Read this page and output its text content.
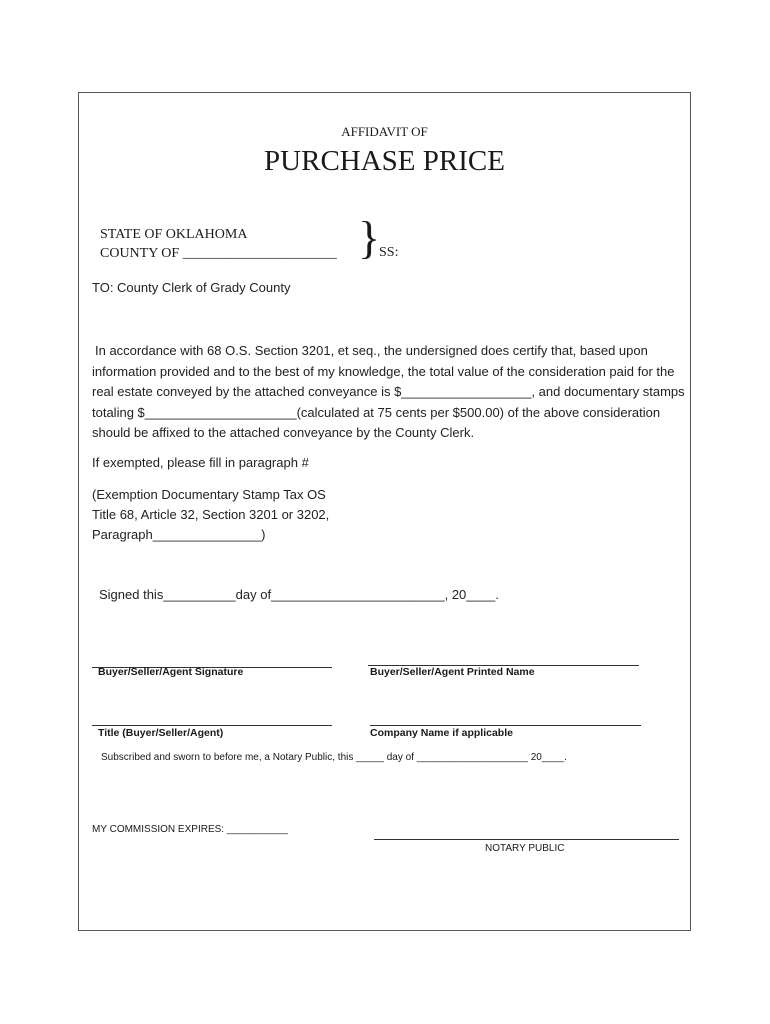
AFFIDAVIT OF
PURCHASE PRICE
STATE OF OKLAHOMA
COUNTY OF ______________________ }
SS:
TO: County Clerk of Grady County
In accordance with 68 O.S. Section 3201, et seq., the undersigned does certify that, based upon information provided and to the best of my knowledge, the total value of the consideration paid for the real estate conveyed by the attached conveyance is $__________________, and documentary stamps totaling $_____________________(calculated at 75 cents per $500.00) of the above consideration should be affixed to the attached conveyance by the County Clerk.
If exempted, please fill in paragraph #
(Exemption Documentary Stamp Tax OS
Title 68, Article 32, Section 3201 or 3202,
Paragraph_______________)
Signed this__________day of________________________, 20____.
Buyer/Seller/Agent Signature	Buyer/Seller/Agent Printed Name
Title (Buyer/Seller/Agent)	Company Name if applicable
Subscribed and sworn to before me, a Notary Public, this _____ day of ____________________ 20____.
MY COMMISSION EXPIRES: ___________
NOTARY PUBLIC
